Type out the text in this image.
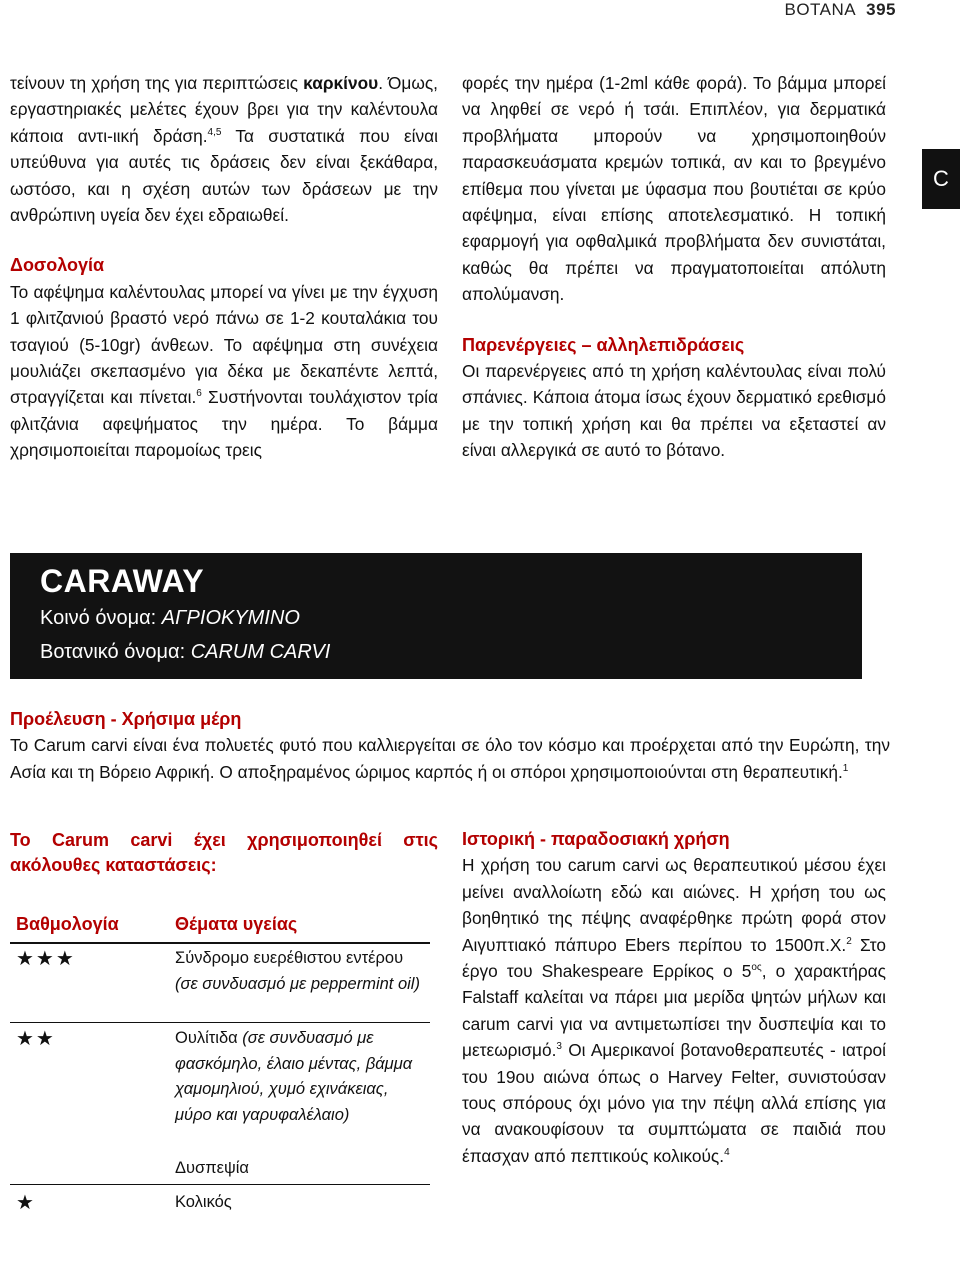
ΒΟΤΑΝΑ 395
C

τείνουν τη χρήση της για περιπτώσεις καρκίνου. Όμως, εργαστηριακές μελέτες έχουν βρει για την καλέντουλα κάποια αντι-ιική δράση.$^{4,5}$ Τα συστατικά που είναι υπεύθυνα για αυτές τις δράσεις δεν είναι ξεκάθαρα, ωστόσο, και η σχέση αυτών των δράσεων με την ανθρώπινη υγεία δεν έχει εδραιωθεί.

Δοσολογία

Το αφέψημα καλέντουλας μπορεί να γίνει με την έγχυση 1 φλιτζανιού βραστό νερό πάνω σε 1-2 κουταλάκια του τσαγιού (5-10gr) άνθεων. Το αφέψημα στη συνέχεια μουλιάζει σκεπασμένο για δέκα με δεκαπέντε λεπτά, στραγγίζεται και πίνεται.$^6$ Συστήνονται τουλάχιστον τρία φλιτζάνια αφεψήματος την ημέρα. Το βάμμα χρησιμοποιείται παρομοίως τρεις

φορές την ημέρα (1-2ml κάθε φορά). Το βάμμα μπορεί να ληφθεί σε νερό ή τσάι. Επιπλέον, για δερματικά προβλήματα μπορούν να χρησιμοποιηθούν παρασκευάσματα κρεμών τοπικά, αν και το βρεγμένο επίθεμα που γίνεται με ύφασμα που βουτιέται σε κρύο αφέψημα, είναι επίσης αποτελεσματικό. Η τοπική εφαρμογή για οφθαλμικά προβλήματα δεν συνιστάται, καθώς θα πρέπει να πραγματοποιείται απόλυτη απολύμανση.

Παρενέργειες – αλληλεπιδράσεις

Οι παρενέργειες από τη χρήση καλέντουλας είναι πολύ σπάνιες. Κάποια άτομα ίσως έχουν δερματικό ερεθισμό με την τοπική χρήση και θα πρέπει να εξεταστεί αν είναι αλλεργικά σε αυτό το βότανο.

CARAWAY
Κοινό όνομα: ΑΓΡΙΟΚΥΜΙΝΟ
Βοτανικό όνομα: CARUM CARVI
Προέλευση - Χρήσιμα μέρη

Το Carum carvi είναι ένα πολυετές φυτό που καλλιεργείται σε όλο τον κόσμο και προέρχεται από την Ευρώπη, την Ασία και τη Βόρειο Αφρική. Ο αποξηραμένος ώριμος καρπός ή οι σπόροι χρησιμοποιούνται στη θεραπευτική.$^1$

Το Carum carvi έχει χρησιμοποιηθεί στις ακόλουθες καταστάσεις:
Βαθμολογία	Θέματα υγείας
★★★	Σύνδρομο ευερέθιστου εντέρου (σε συνδυασμό με peppermint oil)
★★	Ουλίτιδα (σε συνδυασμό με φασκόμηλο, έλαιο μέντας, βάμμα χαμομηλιού, χυμό εχινάκειας, μύρο και γαρυφαλέλαιο)
Δυσπεψία
★	Κολικός
Ιστορική - παραδοσιακή χρήση

Η χρήση του carum carvi ως θεραπευτικού μέσου έχει μείνει αναλλοίωτη εδώ και αιώνες. Η χρήση του ως βοηθητικό της πέψης αναφέρθηκε πρώτη φορά στον Αιγυπτιακό πάπυρο Ebers περίπου το 1500π.Χ.$^2$ Στο έργο του Shakespeare Ερρίκος ο $5^{o\varsigma}$, ο χαρακτήρας Falstaff καλείται να πάρει μια μερίδα ψητών μήλων και carum carvi για να αντιμετωπίσει την δυσπεψία και το μετεωρισμό.$^3$ Οι Αμερικανοί βοτανοθεραπευτές - ιατροί του 19ου αιώνα όπως ο Harvey Felter, συνιστούσαν τους σπόρους όχι μόνο για την πέψη αλλά επίσης για να ανακουφίσουν τα συμπτώματα σε παιδιά που έπασχαν από πεπτικούς κολικούς.$^4$
